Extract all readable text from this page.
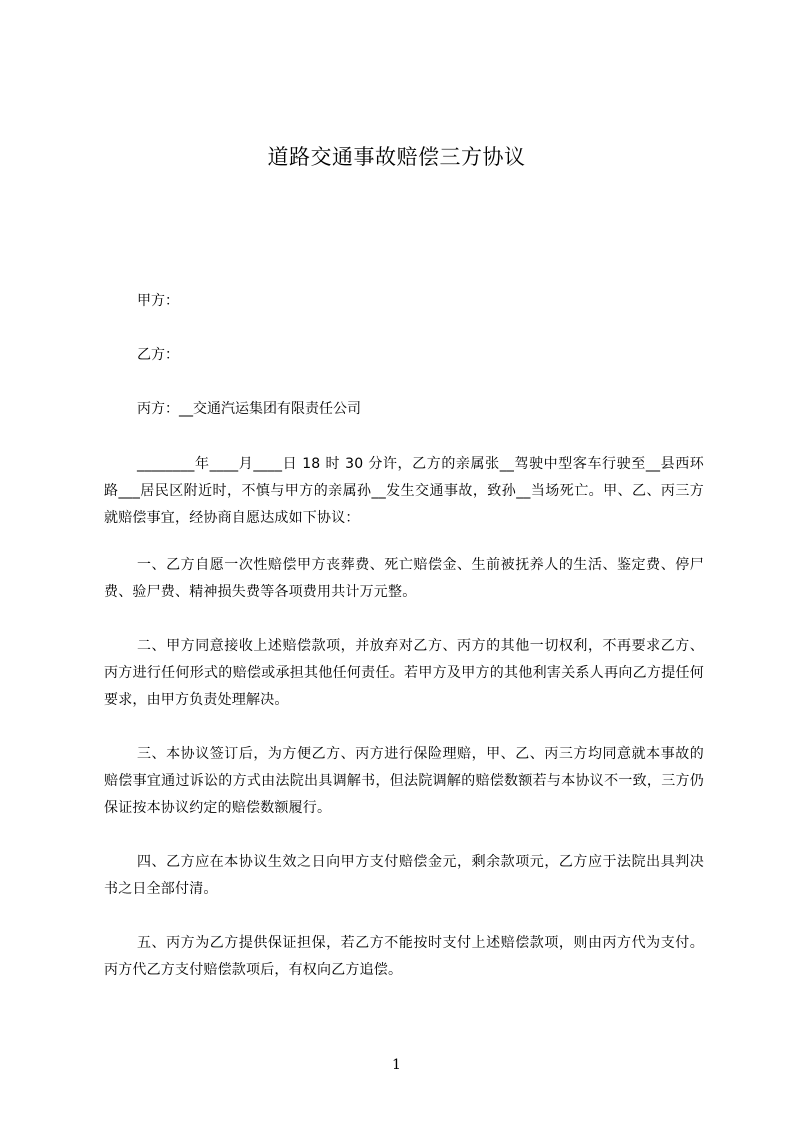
道路交通事故赔偿三方协议

甲方：

乙方：

丙方：__交通汽运集团有限责任公司

________年____月____日 18 时 30 分许，乙方的亲属张__驾驶中型客车行驶至__县西环路___居民区附近时，不慎与甲方的亲属孙__发生交通事故，致孙__当场死亡。甲、乙、丙三方就赔偿事宜，经协商自愿达成如下协议：

一、乙方自愿一次性赔偿甲方丧葬费、死亡赔偿金、生前被抚养人的生活、鉴定费、停尸费、验尸费、精神损失费等各项费用共计万元整。

二、甲方同意接收上述赔偿款项，并放弃对乙方、丙方的其他一切权利，不再要求乙方、丙方进行任何形式的赔偿或承担其他任何责任。若甲方及甲方的其他利害关系人再向乙方提任何要求，由甲方负责处理解决。

三、本协议签订后，为方便乙方、丙方进行保险理赔，甲、乙、丙三方均同意就本事故的赔偿事宜通过诉讼的方式由法院出具调解书，但法院调解的赔偿数额若与本协议不一致，三方仍保证按本协议约定的赔偿数额履行。

四、乙方应在本协议生效之日向甲方支付赔偿金元，剩余款项元，乙方应于法院出具判决书之日全部付清。

五、丙方为乙方提供保证担保，若乙方不能按时支付上述赔偿款项，则由丙方代为支付。丙方代乙方支付赔偿款项后，有权向乙方追偿。

1
